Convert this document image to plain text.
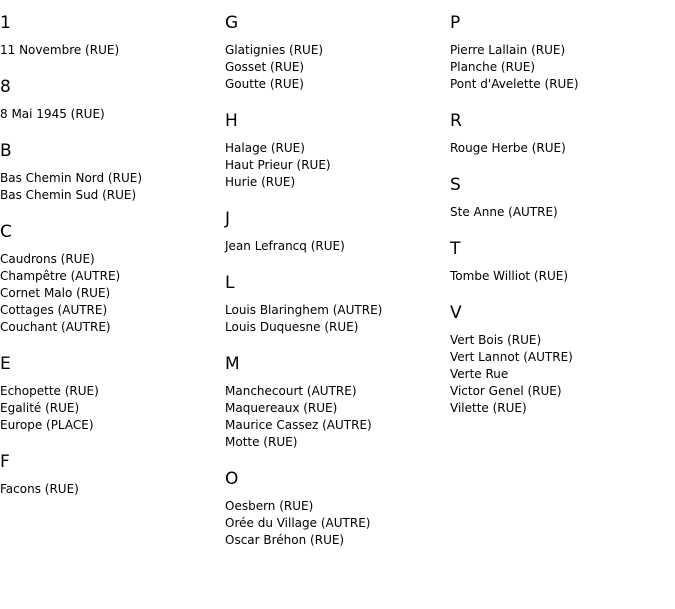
1
11 Novembre (RUE)
8
8 Mai 1945 (RUE)
B
Bas Chemin Nord (RUE)
Bas Chemin Sud (RUE)
C
Caudrons (RUE)
Champêtre (AUTRE)
Cornet Malo (RUE)
Cottages (AUTRE)
Couchant (AUTRE)
E
Echopette (RUE)
Egalité (RUE)
Europe (PLACE)
F
Facons (RUE)
G
Glatignies (RUE)
Gosset (RUE)
Goutte (RUE)
H
Halage (RUE)
Haut Prieur (RUE)
Hurie (RUE)
J
Jean Lefrancq (RUE)
L
Louis Blaringhem (AUTRE)
Louis Duquesne (RUE)
M
Manchecourt (AUTRE)
Maquereaux (RUE)
Maurice Cassez (AUTRE)
Motte (RUE)
O
Oesbern (RUE)
Orée du Village (AUTRE)
Oscar Bréhon (RUE)
P
Pierre Lallain (RUE)
Planche (RUE)
Pont d'Avelette (RUE)
R
Rouge Herbe (RUE)
S
Ste Anne (AUTRE)
T
Tombe Williot (RUE)
V
Vert Bois (RUE)
Vert Lannot (AUTRE)
Verte Rue
Victor Genel (RUE)
Vilette (RUE)
